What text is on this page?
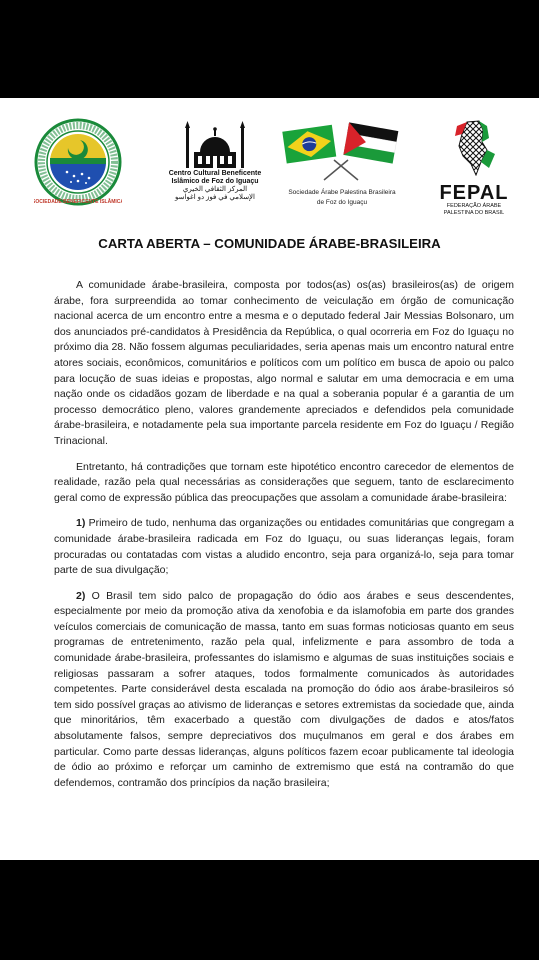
SOCIEDADE BENEFICENTE ISLÂMICA
Centro Cultural Beneficente
Islâmico de Foz do Iguaçu
المركز الثقافي الخيري
الإسلامي في فوز دو اغواسو
Sociedade Árabe Palestina Brasileira
de Foz do Iguaçu	FEPAL
FEDERAÇÃO ÁRABE
PALESTINA DO BRASIL
CARTA ABERTA – COMUNIDADE ÁRABE-BRASILEIRA

A comunidade árabe-brasileira, composta por todos(as) os(as) brasileiros(as) de origem árabe, fora surpreendida ao tomar conhecimento de veiculação em órgão de comunicação nacional acerca de um encontro entre a mesma e o deputado federal Jair Messias Bolsonaro, um dos anunciados pré-candidatos à Presidência da República, o qual ocorreria em Foz do Iguaçu no próximo dia 28. Não fossem algumas peculiaridades, seria apenas mais um encontro natural entre atores sociais, econômicos, comunitários e políticos com um político em busca de apoio ou palco para locução de suas ideias e propostas, algo normal e salutar em uma democracia e em uma nação onde os cidadãos gozam de liberdade e na qual a soberania popular é a garantia de um processo democrático pleno, valores grandemente apreciados e defendidos pela comunidade árabe-brasileira, e notadamente pela sua importante parcela residente em Foz do Iguaçu / Região Trinacional.

Entretanto, há contradições que tornam este hipotético encontro carecedor de elementos de realidade, razão pela qual necessárias as considerações que seguem, tanto de esclarecimento geral como de expressão pública das preocupações que assolam a comunidade árabe-brasileira:

1) Primeiro de tudo, nenhuma das organizações ou entidades comunitárias que congregam a comunidade árabe-brasileira radicada em Foz do Iguaçu, ou suas lideranças legais, foram procuradas ou contatadas com vistas a aludido encontro, seja para organizá-lo, seja para tomar parte de sua divulgação;

2) O Brasil tem sido palco de propagação do ódio aos árabes e seus descendentes, especialmente por meio da promoção ativa da xenofobia e da islamofobia em parte dos grandes veículos comerciais de comunicação de massa, tanto em suas formas noticiosas quanto em seus programas de entretenimento, razão pela qual, infelizmente e para assombro de toda a comunidade árabe-brasileira, professantes do islamismo e algumas de suas instituições sociais e religiosas passaram a sofrer ataques, todos formalmente comunicados às autoridades competentes. Parte considerável desta escalada na promoção do ódio aos árabe-brasileiros só tem sido possível graças ao ativismo de lideranças e setores extremistas da sociedade que, ainda que minoritários, têm exacerbado a questão com divulgações de dados e atos/fatos absolutamente falsos, sempre depreciativos dos muçulmanos em geral e dos árabes em particular. Como parte dessas lideranças, alguns políticos fazem ecoar publicamente tal ideologia de ódio ao próximo e reforçar um caminho de extremismo que está na contramão do que defendemos, contramão dos princípios da nação brasileira;
